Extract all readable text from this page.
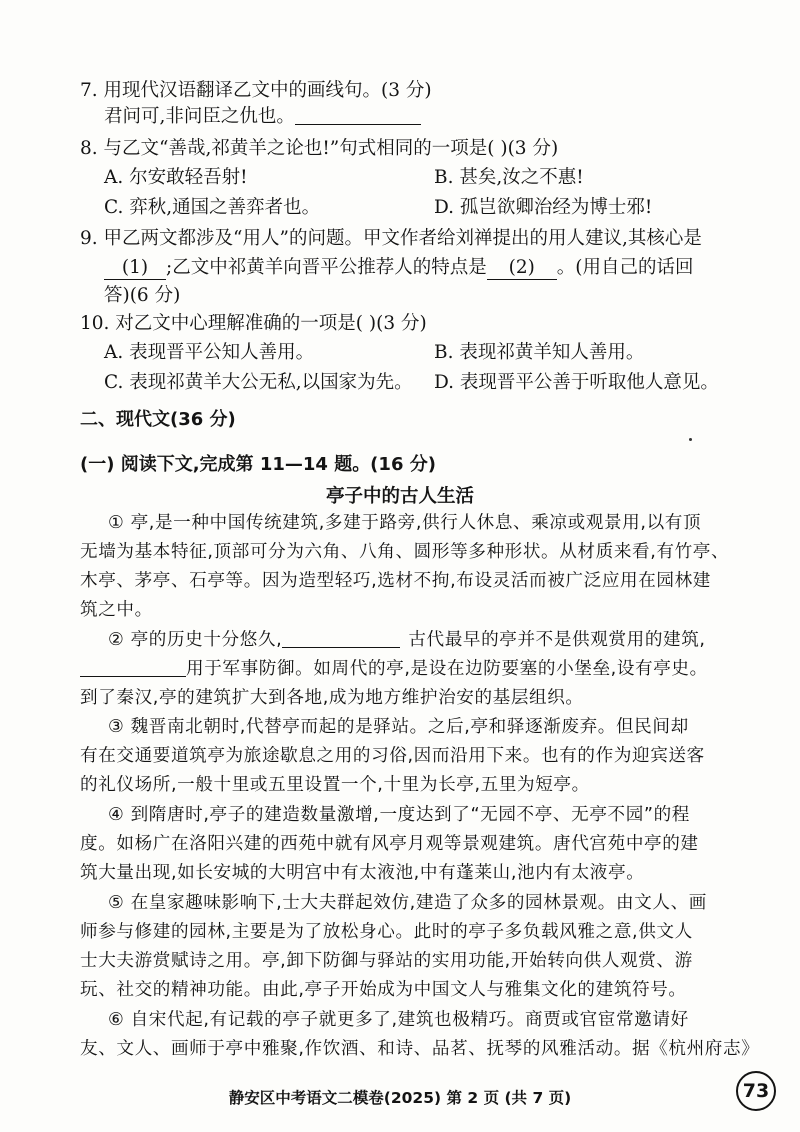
7. 用现代汉语翻译乙文中的画线句。(3 分)
君问可,非问臣之仇也。
8. 与乙文“善哉,祁黄羊之论也!”句式相同的一项是( )(3 分)
A. 尔安敢轻吾射!	B. 甚矣,汝之不惠!
C. 弈秋,通国之善弈者也。	D. 孤岂欲卿治经为博士邪!
9. 甲乙两文都涉及“用人”的问题。甲文作者给刘禅提出的用人建议,其核心是
(1) ;乙文中祁黄羊向晋平公推荐人的特点是 (2) 。(用自己的话回
答)(6 分)
10. 对乙文中心理解准确的一项是( )(3 分)
A. 表现晋平公知人善用。	B. 表现祁黄羊知人善用。
C. 表现祁黄羊大公无私,以国家为先。 D. 表现晋平公善于听取他人意见。
二、现代文(36 分)
(一) 阅读下文,完成第 11—14 题。(16 分)
亭子中的古人生活
① 亭,是一种中国传统建筑,多建于路旁,供行人休息、乘凉或观景用,以有顶
无墙为基本特征,顶部可分为六角、八角、圆形等多种形状。从材质来看,有竹亭、
木亭、茅亭、石亭等。因为造型轻巧,选材不拘,布设灵活而被广泛应用在园林建
筑之中。
② 亭的历史十分悠久,	古代最早的亭并不是供观赏用的建筑,
用于军事防御。如周代的亭,是设在边防要塞的小堡垒,设有亭史。
到了秦汉,亭的建筑扩大到各地,成为地方维护治安的基层组织。
③ 魏晋南北朝时,代替亭而起的是驿站。之后,亭和驿逐渐废弃。但民间却
有在交通要道筑亭为旅途歇息之用的习俗,因而沿用下来。也有的作为迎宾送客
的礼仪场所,一般十里或五里设置一个,十里为长亭,五里为短亭。
④ 到隋唐时,亭子的建造数量激增,一度达到了“无园不亭、无亭不园”的程
度。如杨广在洛阳兴建的西苑中就有风亭月观等景观建筑。唐代宫苑中亭的建
筑大量出现,如长安城的大明宫中有太液池,中有蓬莱山,池内有太液亭。
⑤ 在皇家趣味影响下,士大夫群起效仿,建造了众多的园林景观。由文人、画
师参与修建的园林,主要是为了放松身心。此时的亭子多负载风雅之意,供文人
士大夫游赏赋诗之用。亭,卸下防御与驿站的实用功能,开始转向供人观赏、游
玩、社交的精神功能。由此,亭子开始成为中国文人与雅集文化的建筑符号。
⑥ 自宋代起,有记载的亭子就更多了,建筑也极精巧。商贾或官宦常邀请好
友、文人、画师于亭中雅聚,作饮酒、和诗、品茗、抚琴的风雅活动。据《杭州府志》
静安区中考语文二模卷(2025) 第 2 页 (共 7 页)	73
